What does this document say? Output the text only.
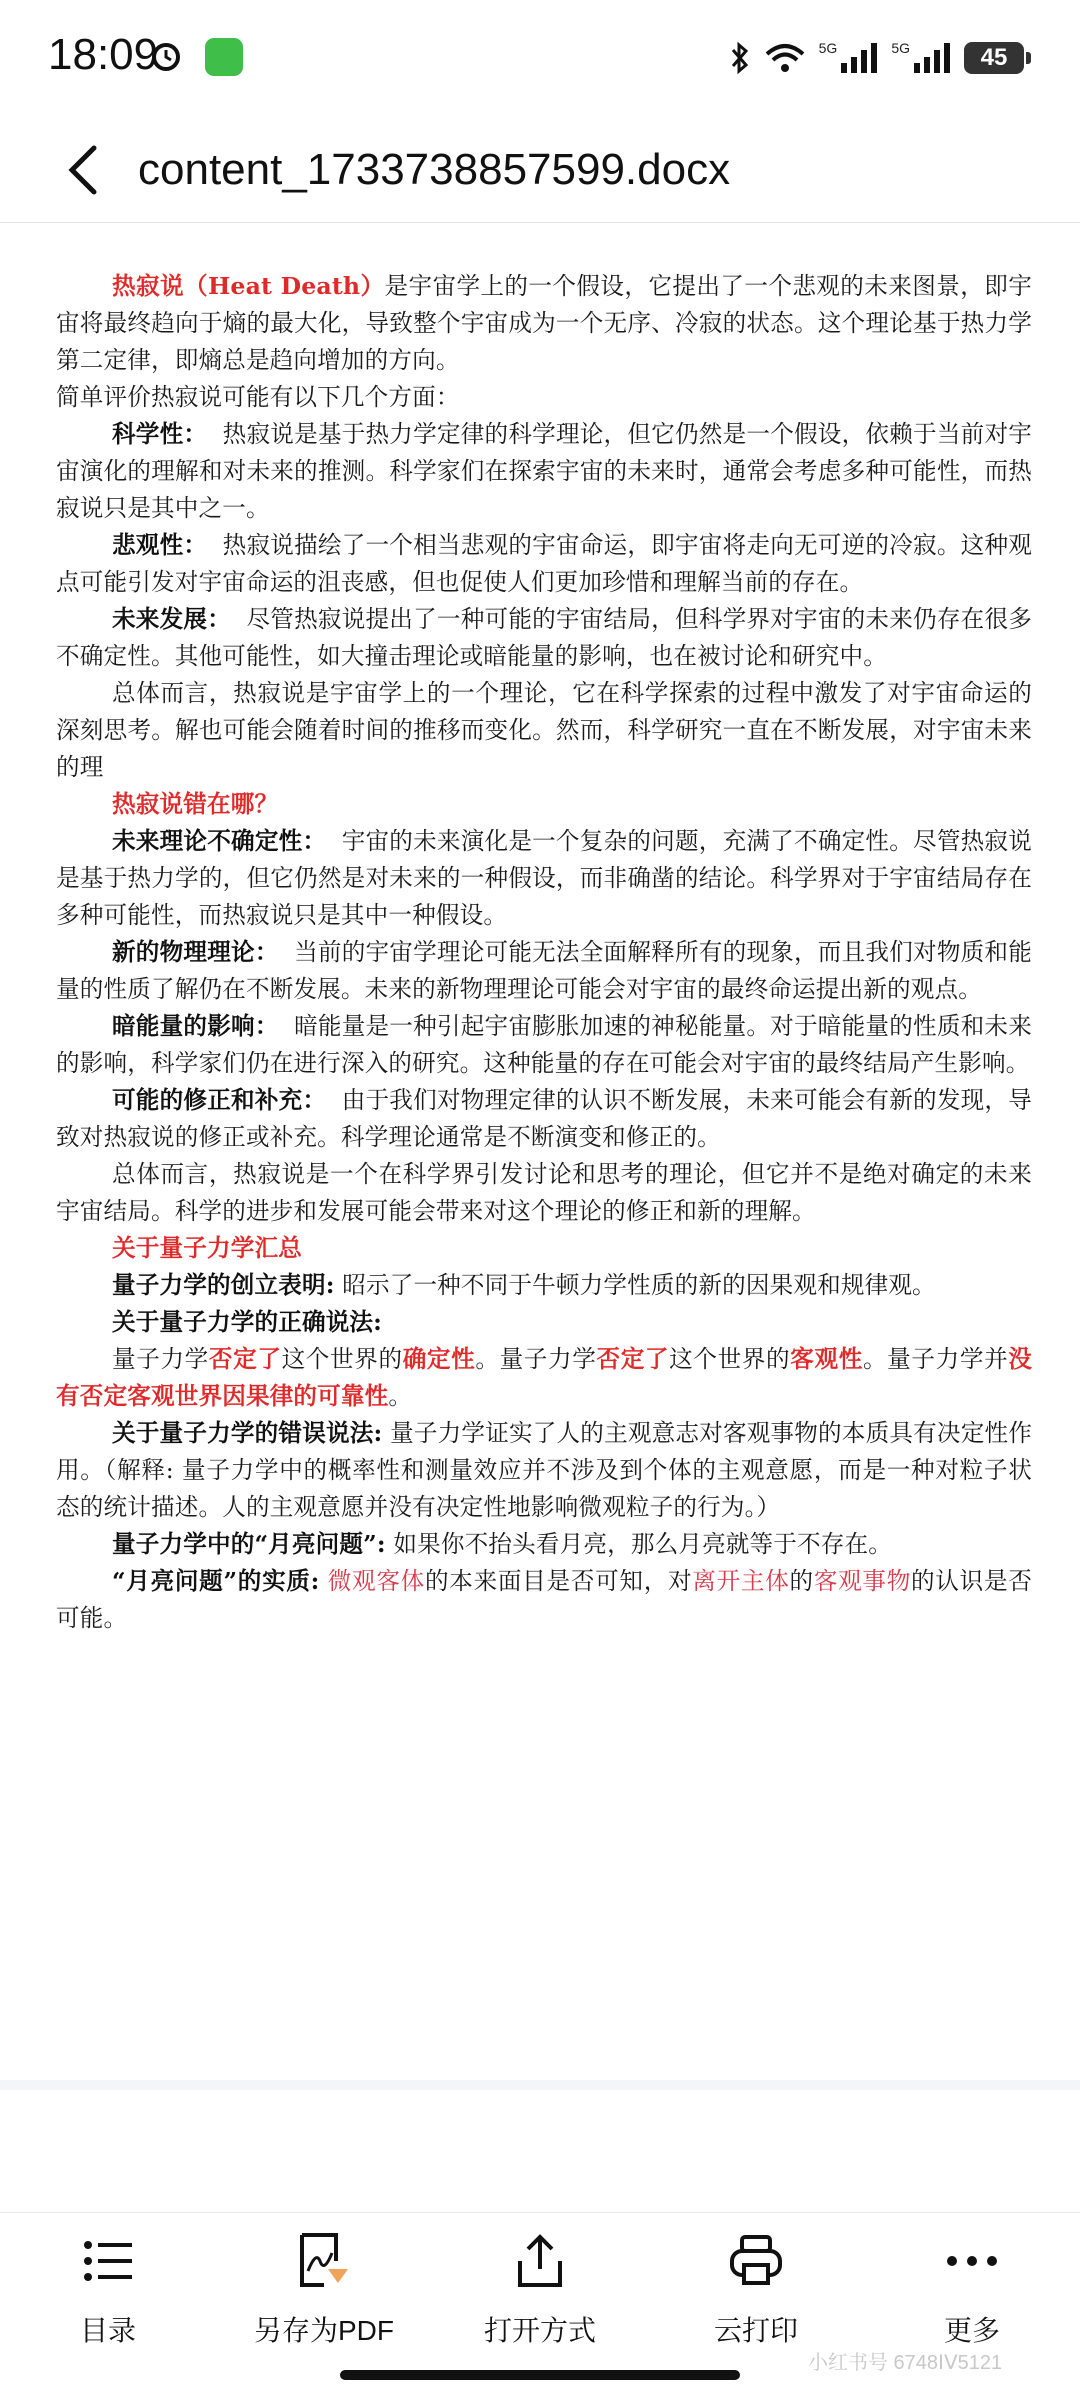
18:09	5G	5G	45
content_1733738857599.docx

热寂说（Heat Death）是宇宙学上的一个假设，它提出了一个悲观的未来图景，即宇宙将最终趋向于熵的最大化，导致整个宇宙成为一个无序、冷寂的状态。这个理论基于热力学第二定律，即熵总是趋向增加的方向。

简单评价热寂说可能有以下几个方面：

科学性： 热寂说是基于热力学定律的科学理论，但它仍然是一个假设，依赖于当前对宇宙演化的理解和对未来的推测。科学家们在探索宇宙的未来时，通常会考虑多种可能性，而热寂说只是其中之一。

悲观性： 热寂说描绘了一个相当悲观的宇宙命运，即宇宙将走向无可逆的冷寂。这种观点可能引发对宇宙命运的沮丧感，但也促使人们更加珍惜和理解当前的存在。

未来发展： 尽管热寂说提出了一种可能的宇宙结局，但科学界对宇宙的未来仍存在很多不确定性。其他可能性，如大撞击理论或暗能量的影响，也在被讨论和研究中。

总体而言，热寂说是宇宙学上的一个理论，它在科学探索的过程中激发了对宇宙命运的深刻思考。解也可能会随着时间的推移而变化。然而，科学研究一直在不断发展，对宇宙未来的理

热寂说错在哪？

未来理论不确定性： 宇宙的未来演化是一个复杂的问题，充满了不确定性。尽管热寂说是基于热力学的，但它仍然是对未来的一种假设，而非确凿的结论。科学界对于宇宙结局存在多种可能性，而热寂说只是其中一种假设。

新的物理理论： 当前的宇宙学理论可能无法全面解释所有的现象，而且我们对物质和能量的性质了解仍在不断发展。未来的新物理理论可能会对宇宙的最终命运提出新的观点。

暗能量的影响： 暗能量是一种引起宇宙膨胀加速的神秘能量。对于暗能量的性质和未来的影响，科学家们仍在进行深入的研究。这种能量的存在可能会对宇宙的最终结局产生影响。

可能的修正和补充： 由于我们对物理定律的认识不断发展，未来可能会有新的发现，导致对热寂说的修正或补充。科学理论通常是不断演变和修正的。

总体而言，热寂说是一个在科学界引发讨论和思考的理论，但它并不是绝对确定的未来宇宙结局。科学的进步和发展可能会带来对这个理论的修正和新的理解。

关于量子力学汇总

量子力学的创立表明: 昭示了一种不同于牛顿力学性质的新的因果观和规律观。

关于量子力学的正确说法:

量子力学否定了这个世界的确定性。量子力学否定了这个世界的客观性。量子力学并没有否定客观世界因果律的可靠性。

关于量子力学的错误说法: 量子力学证实了人的主观意志对客观事物的本质具有决定性作用。（解释: 量子力学中的概率性和测量效应并不涉及到个体的主观意愿，而是一种对粒子状态的统计描述。人的主观意愿并没有决定性地影响微观粒子的行为。）

量子力学中的“月亮问题”: 如果你不抬头看月亮，那么月亮就等于不存在。

“月亮问题”的实质: 微观客体的本来面目是否可知，对离开主体的客观事物的认识是否可能。

目录	另存为PDF	打开方式	云打印	更多
小红书号 6748ⅠⅤ5121
